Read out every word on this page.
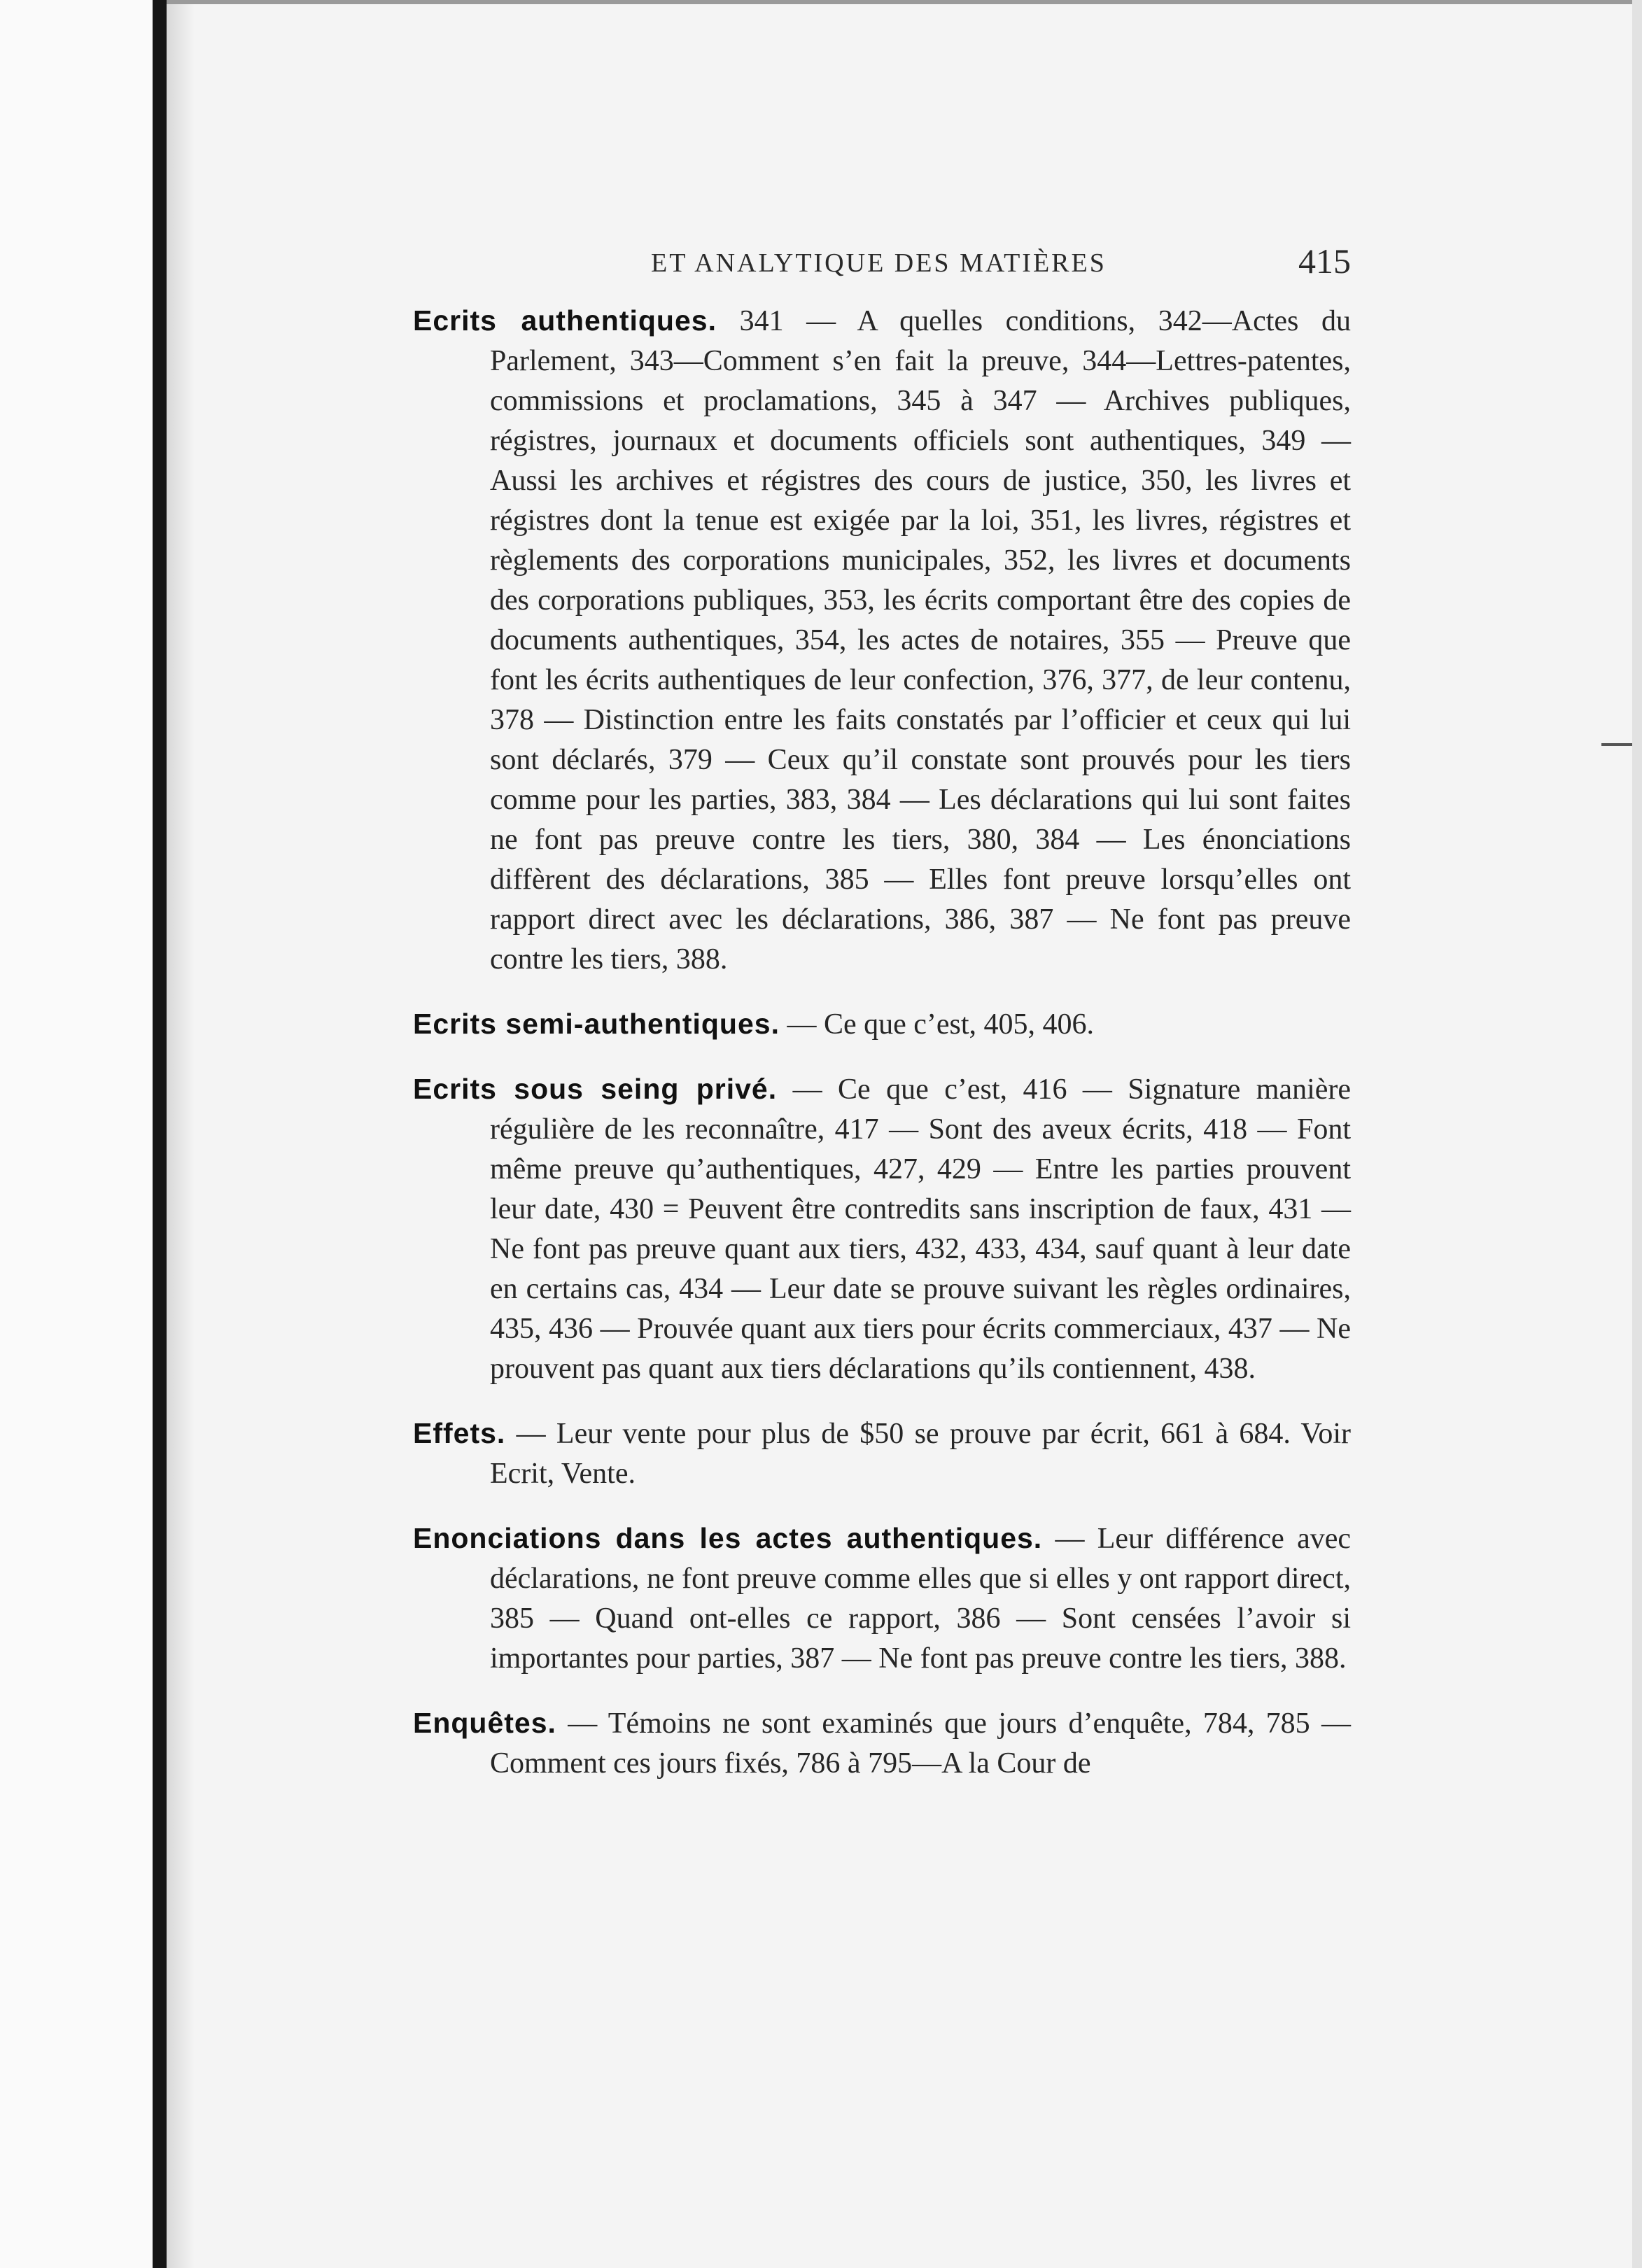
ET ANALYTIQUE DES MATIÈRES	415

Ecrits authentiques. 341 — A quelles conditions, 342—Actes du Parlement, 343—Comment s’en fait la preuve, 344—Lettres-patentes, commissions et proclamations, 345 à 347 — Archives publiques, régistres, journaux et documents officiels sont authentiques, 349 — Aussi les archives et régistres des cours de justice, 350, les livres et régistres dont la tenue est exigée par la loi, 351, les livres, régistres et règlements des corporations municipales, 352, les livres et documents des corporations publiques, 353, les écrits comportant être des copies de documents authentiques, 354, les actes de notaires, 355 — Preuve que font les écrits authentiques de leur confection, 376, 377, de leur contenu, 378 — Distinction entre les faits constatés par l’officier et ceux qui lui sont déclarés, 379 — Ceux qu’il constate sont prouvés pour les tiers comme pour les parties, 383, 384 — Les déclarations qui lui sont faites ne font pas preuve contre les tiers, 380, 384 — Les énonciations diffèrent des déclarations, 385 — Elles font preuve lorsqu’elles ont rapport direct avec les déclarations, 386, 387 — Ne font pas preuve contre les tiers, 388.

Ecrits semi-authentiques. — Ce que c’est, 405, 406.

Ecrits sous seing privé. — Ce que c’est, 416 — Signature manière régulière de les reconnaître, 417 — Sont des aveux écrits, 418 — Font même preuve qu’authentiques, 427, 429 — Entre les parties prouvent leur date, 430 = Peuvent être contredits sans inscription de faux, 431 — Ne font pas preuve quant aux tiers, 432, 433, 434, sauf quant à leur date en certains cas, 434 — Leur date se prouve suivant les règles ordinaires, 435, 436 — Prouvée quant aux tiers pour écrits commerciaux, 437 — Ne prouvent pas quant aux tiers déclarations qu’ils contiennent, 438.

Effets. — Leur vente pour plus de $50 se prouve par écrit, 661 à 684. Voir Ecrit, Vente.

Enonciations dans les actes authentiques. — Leur différence avec déclarations, ne font preuve comme elles que si elles y ont rapport direct, 385 — Quand ont-elles ce rapport, 386 — Sont censées l’avoir si importantes pour parties, 387 — Ne font pas preuve contre les tiers, 388.

Enquêtes. — Témoins ne sont examinés que jours d’enquête, 784, 785 — Comment ces jours fixés, 786 à 795—A la Cour de
